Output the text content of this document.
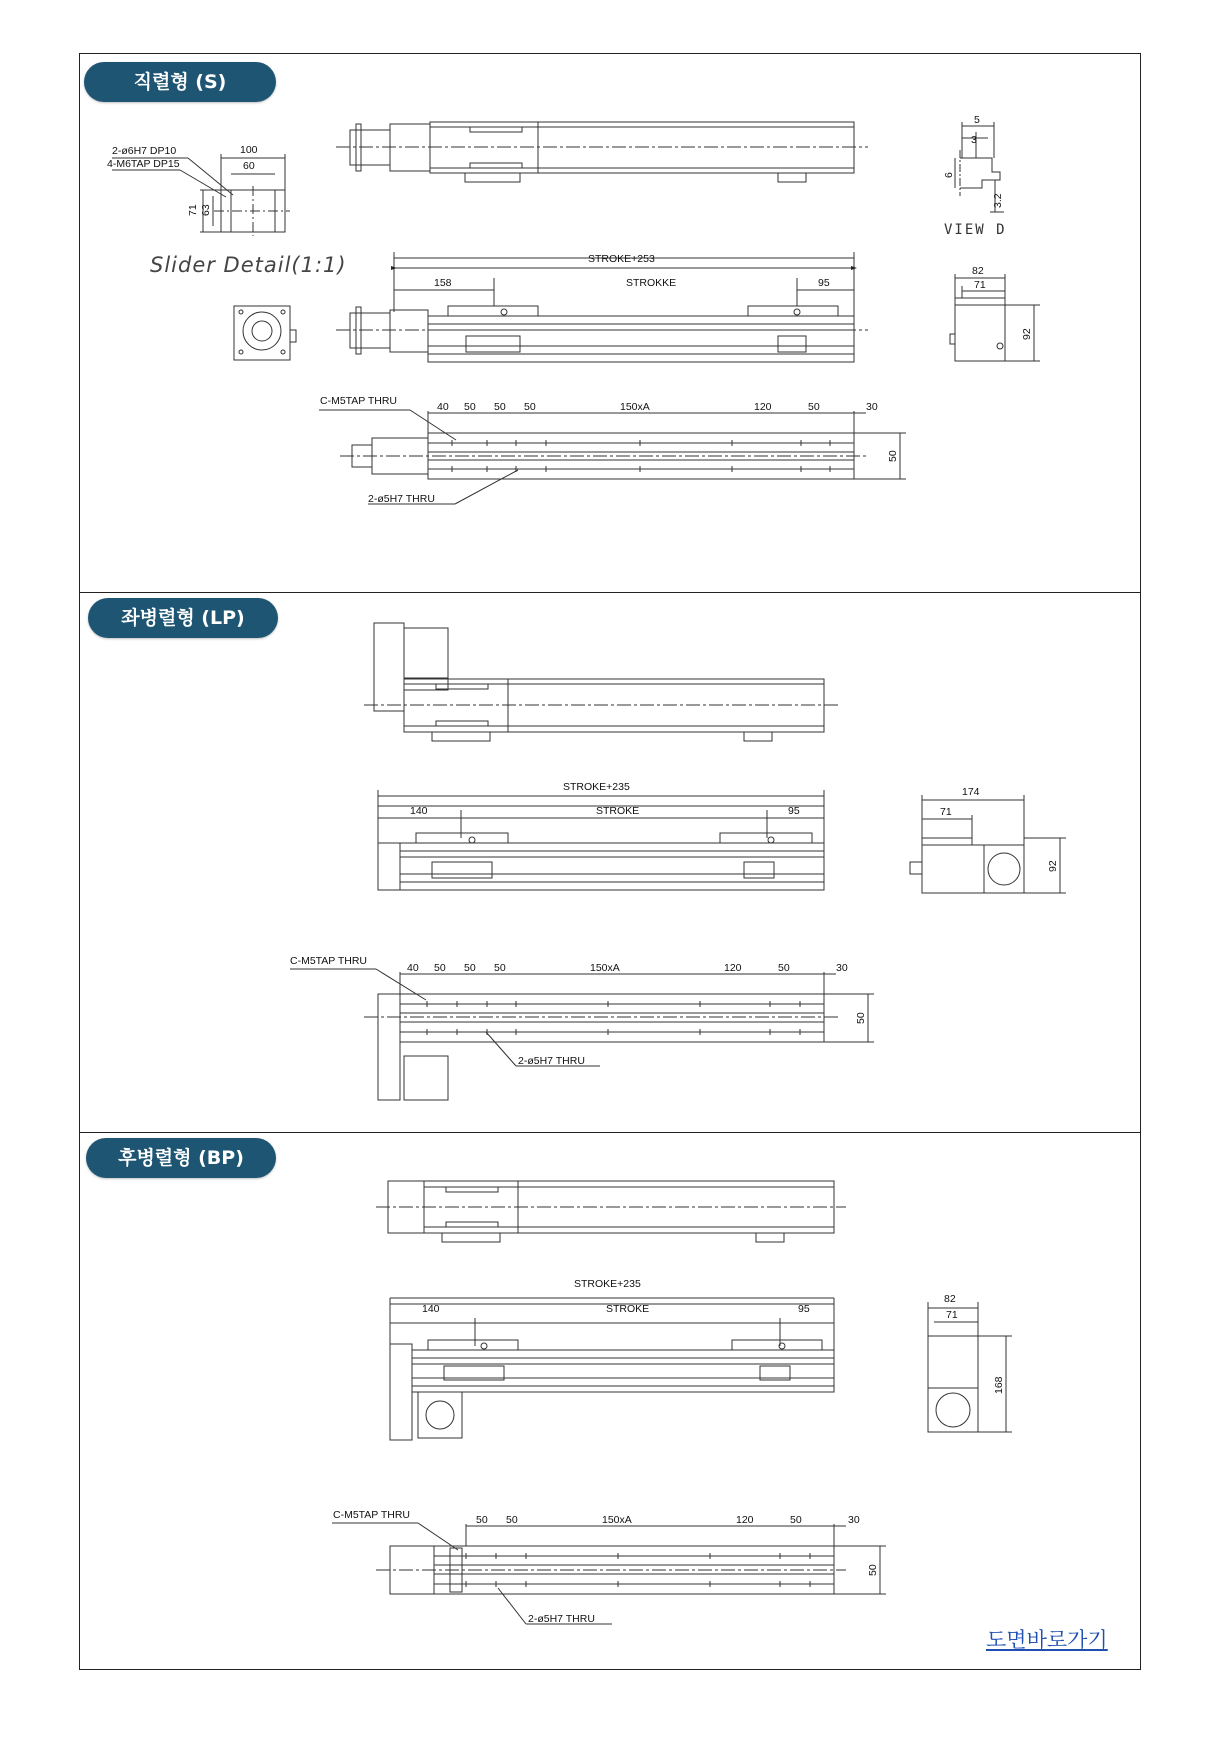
직렬형 (S)
좌병렬형 (LP)
후병렬형 (BP)
2-ø6H7 DP10
4-M6TAP DP15
100
60
71 63
Slider Detail(1:1)
5
3
6
3.2
VIEW D
STROKE+253
158	STROKKE	95
82
71
92
C-M5TAP THRU	40 50 50 50	150xA	120	50	30
50
2-ø5H7 THRU
STROKE+235
140	STROKE	95
174
71
92
C-M5TAP THRU
40 50 50 50	150xA	120	50	30
50
2-ø5H7 THRU
STROKE+235
140	STROKE	95
82
71
168
C-M5TAP THRU	50 50	150xA	120	50	30
50
2-ø5H7 THRU
도면바로가기
